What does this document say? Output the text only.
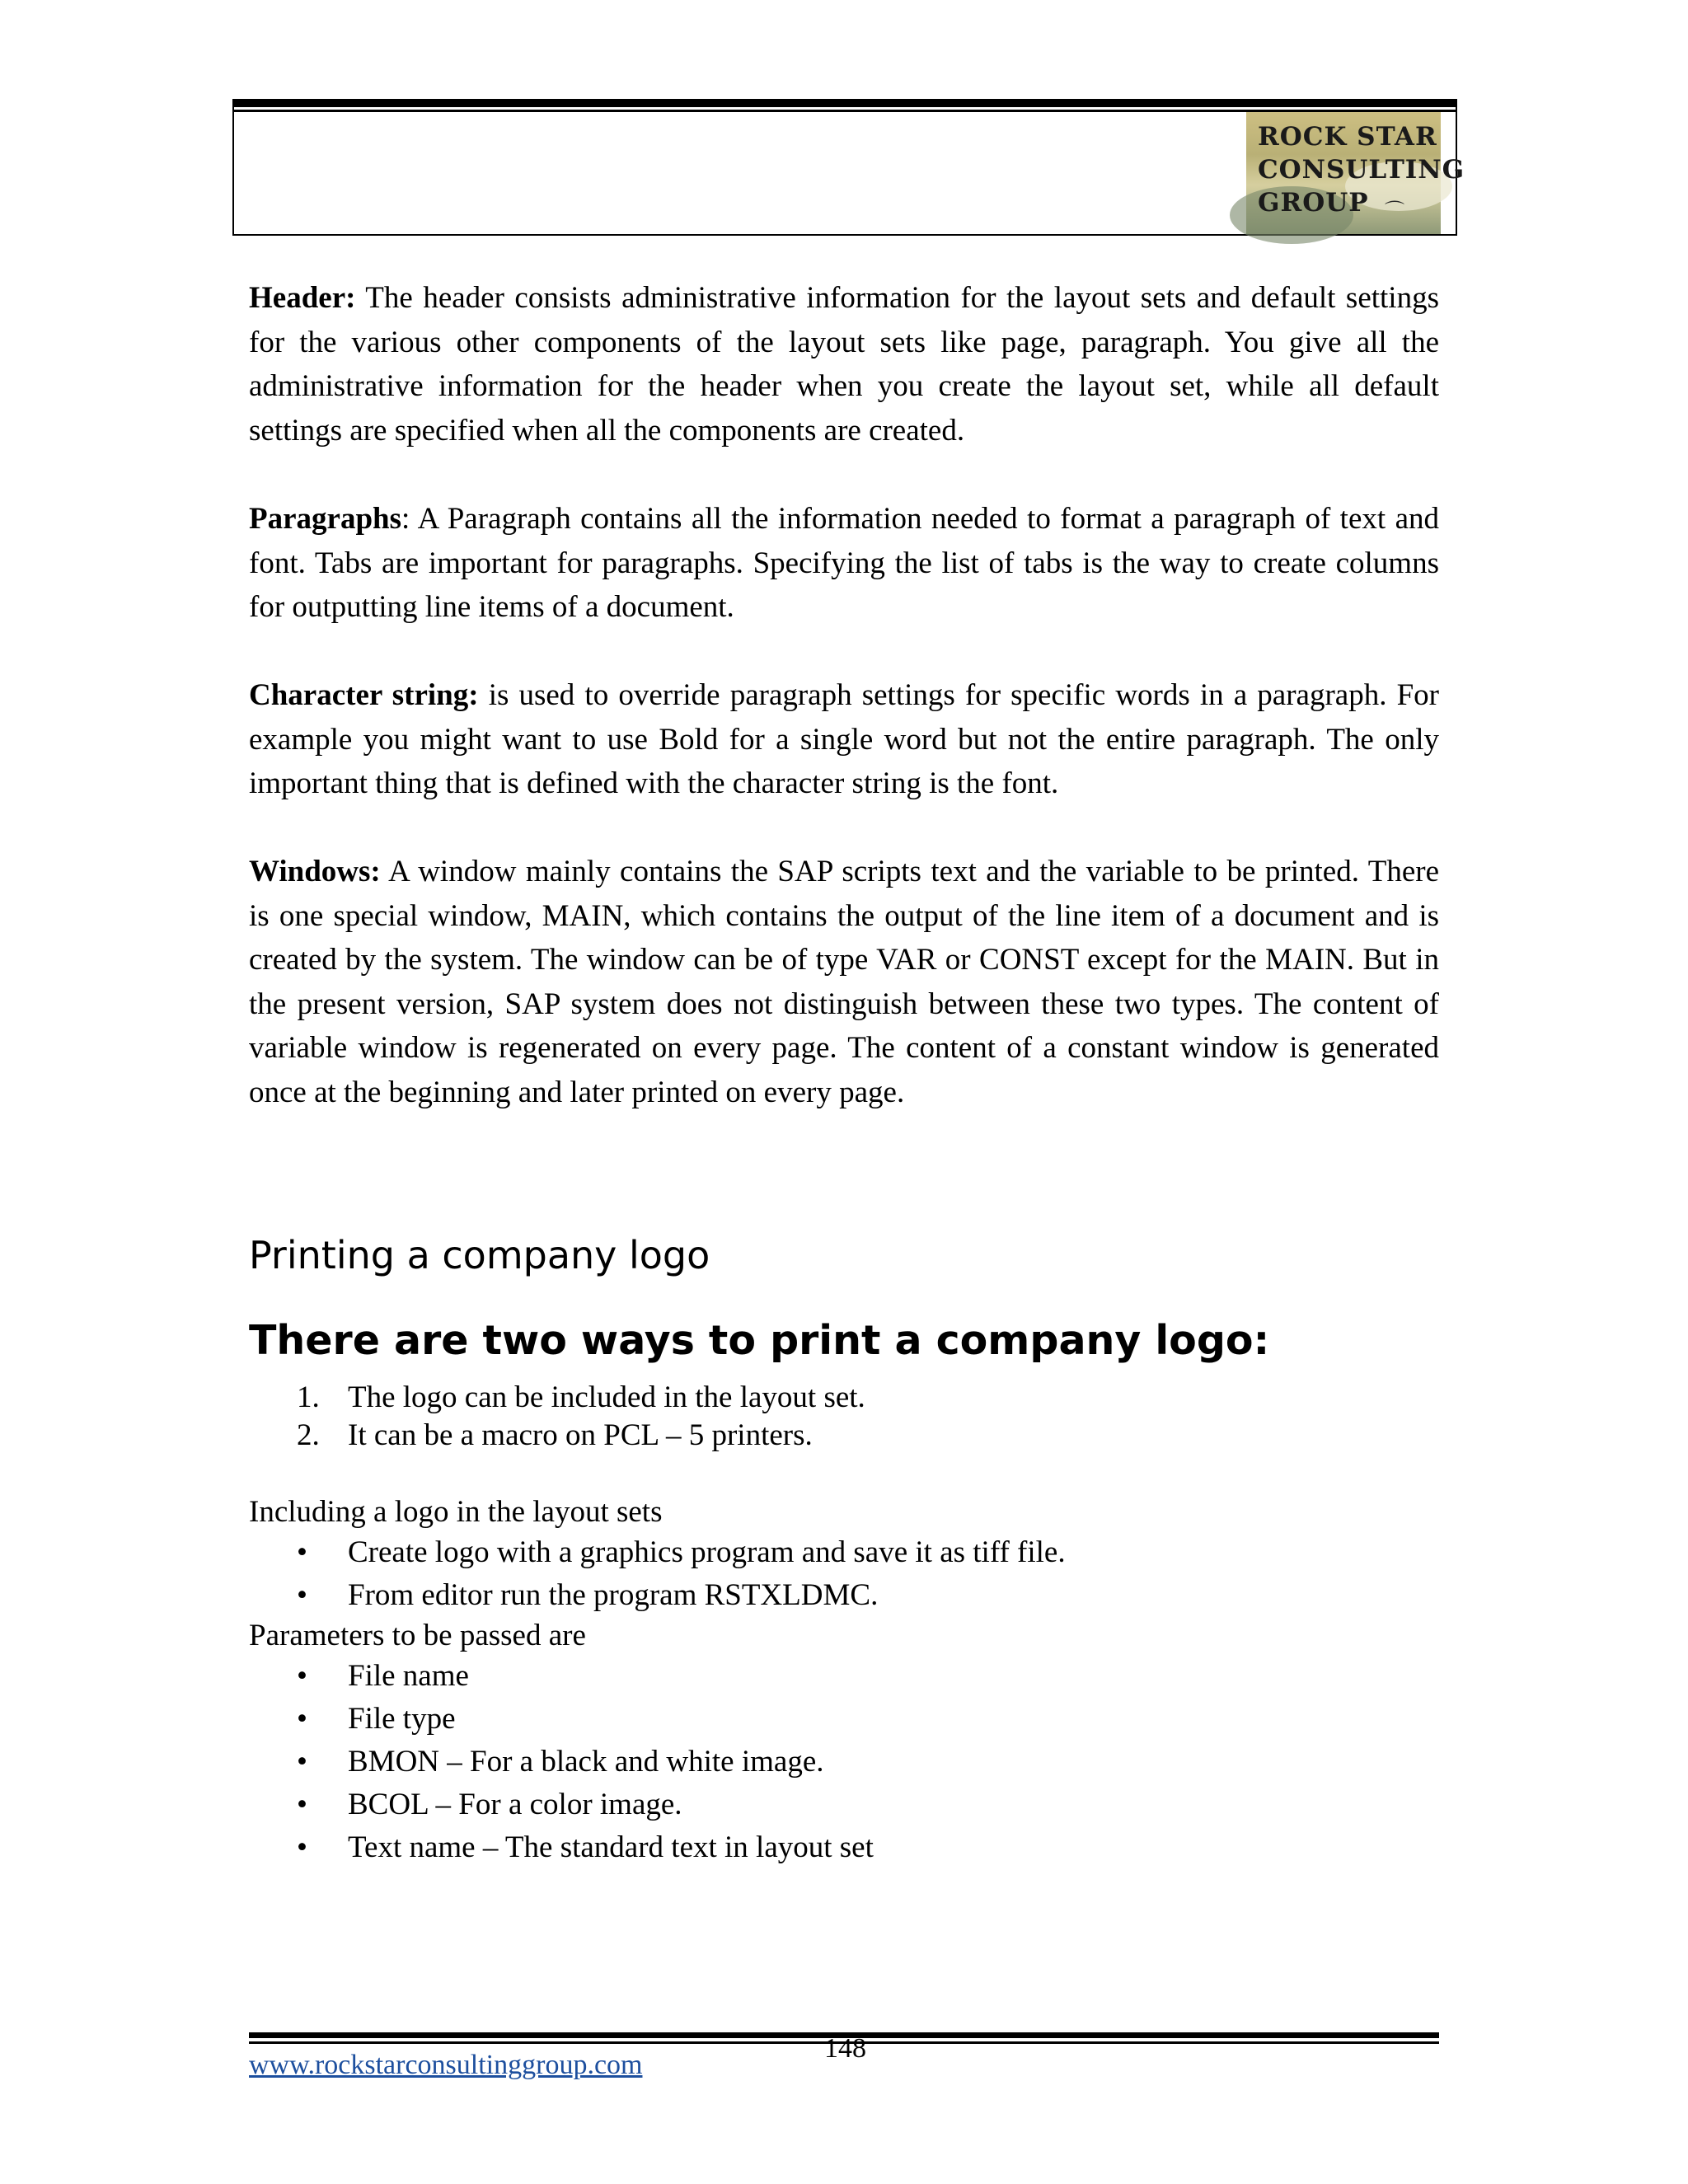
ROCK STAR
CONSULTING
GROUP ⌒

Header: The header consists administrative information for the layout sets and default settings for the various other components of the layout sets like page, paragraph. You give all the administrative information for the header when you create the layout set, while all default settings are specified when all the components are created.

Paragraphs: A Paragraph contains all the information needed to format a paragraph of text and font. Tabs are important for paragraphs. Specifying the list of tabs is the way to create columns for outputting line items of a document.

Character string: is used to override paragraph settings for specific words in a paragraph. For example you might want to use Bold for a single word but not the entire paragraph. The only important thing that is defined with the character string is the font.

Windows: A window mainly contains the SAP scripts text and the variable to be printed. There is one special window, MAIN, which contains the output of the line item of a document and is created by the system. The window can be of type VAR or CONST except for the MAIN. But in the present version, SAP system does not distinguish between these two types. The content of variable window is regenerated on every page. The content of a constant window is generated once at the beginning and later printed on every page.

Printing a company logo
There are two ways to print a company logo:
1. The logo can be included in the layout set.
2. It can be a macro on PCL – 5 printers.
Including a logo in the layout sets
• Create logo with a graphics program and save it as tiff file.
• From editor run the program RSTXLDMC.
Parameters to be passed are
• File name
• File type
• BMON – For a black and white image.
• BCOL – For a color image.
• Text name – The standard text in layout set
148
www.rockstarconsultinggroup.com
